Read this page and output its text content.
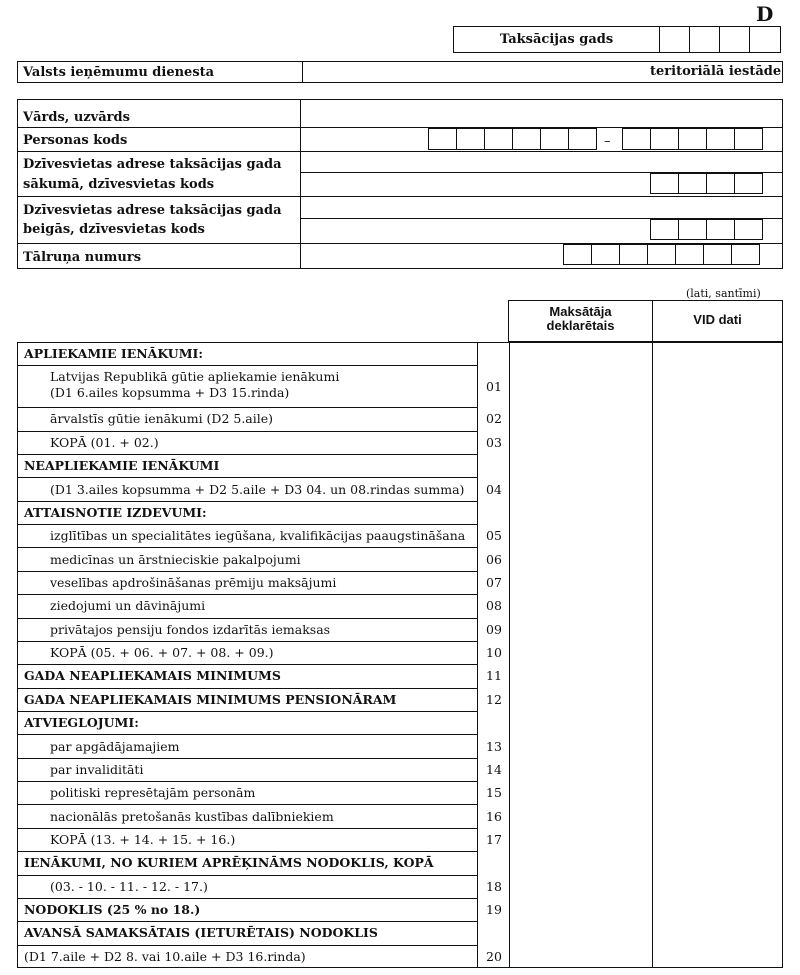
D
Taksācijas gads
Valsts ieņēmumu dienesta	teritoriālā iestāde
Vārds, uzvārds
Personas kods	–
Dzīvesvietas adrese taksācijas gada
sākumā, dzīvesvietas kods
Dzīvesvietas adrese taksācijas gada
beigās, dzīvesvietas kods
Tālruņa numurs
(lati, santīmi)
Maksātāja
deklarētais	VID dati
APLIEKAMIE IENĀKUMI:
Latvijas Republikā gūtie apliekamie ienākumi
(D1 6.ailes kopsumma + D3 15.rinda)	01
ārvalstīs gūtie ienākumi (D2 5.aile)	02
KOPĀ (01. + 02.)	03
NEAPLIEKAMIE IENĀKUMI
(D1 3.ailes kopsumma + D2 5.aile + D3 04. un 08.rindas summa)	04
ATTAISNOTIE IZDEVUMI:
izglītības un specialitātes iegūšana, kvalifikācijas paaugstināšana	05
medicīnas un ārstnieciskie pakalpojumi	06
veselības apdrošināšanas prēmiju maksājumi	07
ziedojumi un dāvinājumi	08
privātajos pensiju fondos izdarītās iemaksas	09
KOPĀ (05. + 06. + 07. + 08. + 09.)	10
GADA NEAPLIEKAMAIS MINIMUMS	11
GADA NEAPLIEKAMAIS MINIMUMS PENSIONĀRAM	12
ATVIEGLOJUMI:
par apgādājamajiem	13
par invaliditāti	14
politiski represētajām personām	15
nacionālās pretošanās kustības dalībniekiem	16
KOPĀ (13. + 14. + 15. + 16.)	17
IENĀKUMI, NO KURIEM APRĒĶINĀMS NODOKLIS, KOPĀ
(03. - 10. - 11. - 12. - 17.)	18
NODOKLIS (25 % no 18.)	19
AVANSĀ SAMAKSĀTAIS (IETURĒTAIS) NODOKLIS
(D1 7.aile + D2 8. vai 10.aile + D3 16.rinda)	20
